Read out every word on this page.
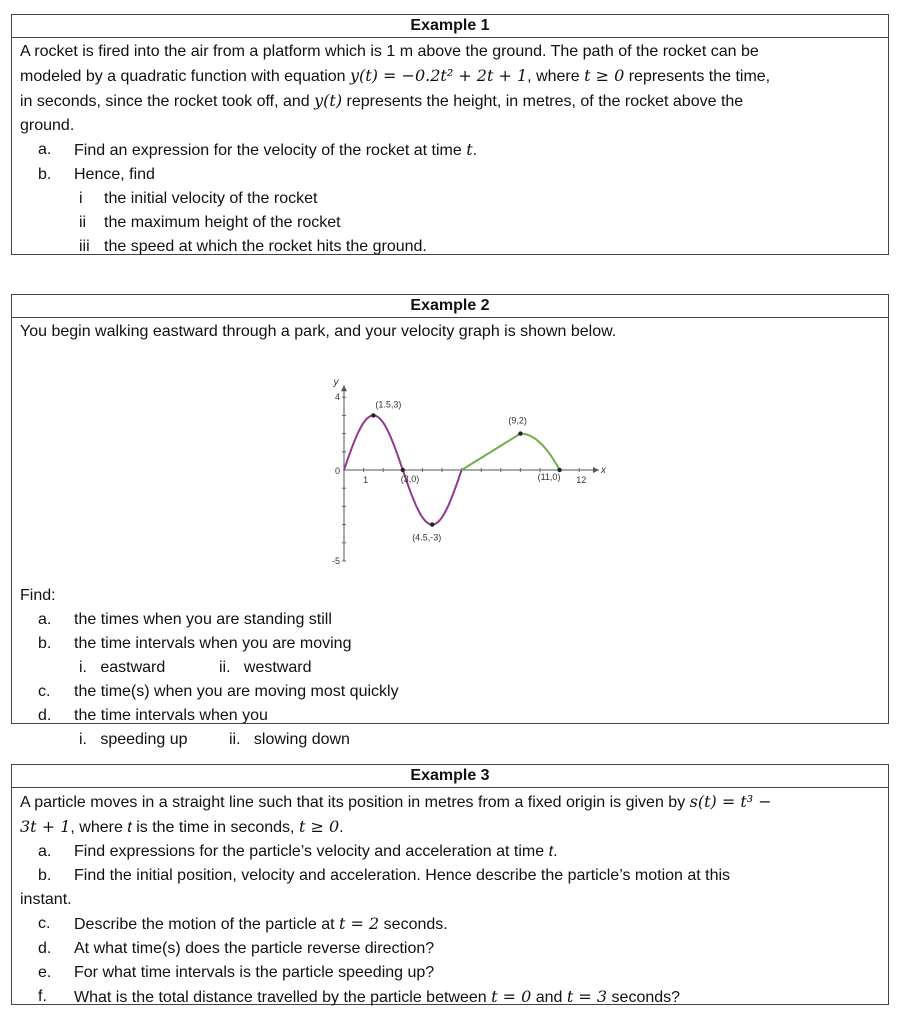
Example 1
A rocket is fired into the air from a platform which is 1 m above the ground. The path of the rocket can be
modeled by a quadratic function with equation y(t) = −0.2t² + 2t + 1, where t ≥ 0 represents the time,
in seconds, since the rocket took off, and y(t) represents the height, in metres, of the rocket above the
ground.
a.	Find an expression for the velocity of the rocket at time t.
b.	Hence, find
i	the initial velocity of the rocket
ii	the maximum height of the rocket
iii the speed at which the rocket hits the ground.
Example 2
You begin walking eastward through a park, and your velocity graph is shown below.
x
y
0
1	12
4
-5
(1.5,3)
(3,0)
(4.5,-3)
(9,2)
(11,0)
Find:
a.	the times when you are standing still
b.	the time intervals when you are moving
i.   eastward	ii.   westward
c.	the time(s) when you are moving most quickly
d.	the time intervals when you
i.   speeding up	ii.   slowing down
Example 3
A particle moves in a straight line such that its position in metres from a fixed origin is given by s(t) = t³ −
3t + 1, where t is the time in seconds, t ≥ 0.
a.	Find expressions for the particle’s velocity and acceleration at time t.
b.	Find the initial position, velocity and acceleration. Hence describe the particle’s motion at this
instant.
c.	Describe the motion of the particle at t = 2 seconds.
d.	At what time(s) does the particle reverse direction?
e.	For what time intervals is the particle speeding up?
f.	What is the total distance travelled by the particle between t = 0 and t = 3 seconds?
